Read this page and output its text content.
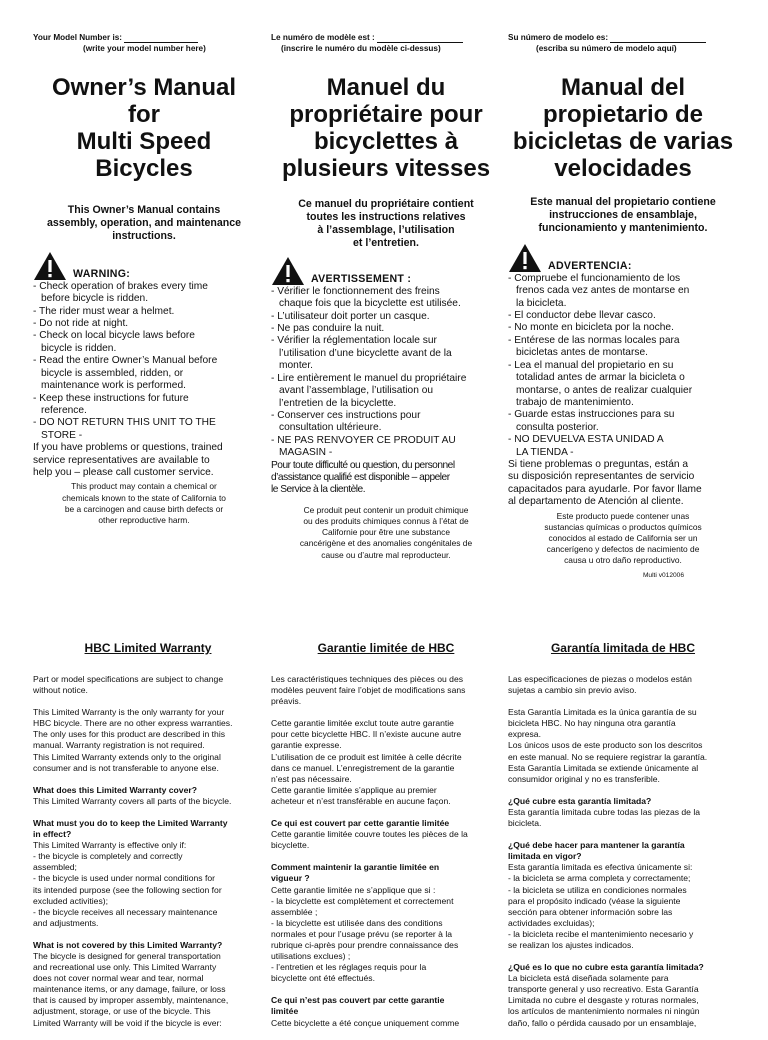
Your Model Number is:
(write your model number here)
Owner’s Manual
for
Multi Speed
Bicycles
This Owner’s Manual contains
assembly, operation, and maintenance
instructions.
WARNING:
- Check operation of brakes every time
before bicycle is ridden.
- The rider must wear a helmet.
- Do not ride at night.
- Check on local bicycle laws before
bicycle is ridden.
- Read the entire Owner’s Manual before
bicycle is assembled, ridden, or
maintenance work is performed.
- Keep these instructions for future
reference.
- DO NOT RETURN THIS UNIT TO THE
STORE -
If you have problems or questions, trained
service representatives are available to
help you – please call customer service.
This product may contain a chemical or
chemicals known to the state of California to
be a carcinogen and cause birth defects or
other reproductive harm.
Le numéro de modèle est :
(inscrire le numéro du modèle ci-dessus)
Manuel du
propriétaire pour
bicyclettes à
plusieurs vitesses
Ce manuel du propriétaire contient
toutes les instructions relatives
à l’assemblage, l’utilisation
et l’entretien.
AVERTISSEMENT :
- Vérifier le fonctionnement des freins
chaque fois que la bicyclette est utilisée.
- L’utilisateur doit porter un casque.
- Ne pas conduire la nuit.
- Vérifier la réglementation locale sur
l’utilisation d’une bicyclette avant de la
monter.
- Lire entièrement le manuel du propriétaire
avant l’assemblage, l’utilisation ou
l’entretien de la bicyclette.
- Conserver ces instructions pour
consultation ultérieure.
- NE PAS RENVOYER CE PRODUIT AU
MAGASIN -
Pour toute difficulté ou question, du personnel
d’assistance qualifié est disponible – appeler
le Service à la clientèle.
Ce produit peut contenir un produit chimique
ou des produits chimiques connus à l’état de
Californie pour être une substance
cancérigène et des anomalies congénitales de
cause ou d’autre mal reproducteur.
Su número de modelo es:
(escriba su número de modelo aquí)
Manual del
propietario de
bicicletas de varias
velocidades
Este manual del propietario contiene
instrucciones de ensamblaje,
funcionamiento y mantenimiento.
ADVERTENCIA:
- Compruebe el funcionamiento de los
frenos cada vez antes de montarse en
la bicicleta.
- El conductor debe llevar casco.
- No monte en bicicleta por la noche.
- Entérese de las normas locales para
bicicletas antes de montarse.
- Lea el manual del propietario en su
totalidad antes de armar la bicicleta o
montarse, o antes de realizar cualquier
trabajo de mantenimiento.
- Guarde estas instrucciones para su
consulta posterior.
- NO DEVUELVA ESTA UNIDAD A
LA TIENDA -
Si tiene problemas o preguntas, están a
su disposición representantes de servicio
capacitados para ayudarle. Por favor llame
al departamento de Atención al cliente.
Este producto puede contener unas
sustancias químicas o productos químicos
conocidos al estado de California ser un
cancerígeno y defectos de nacimiento de
causa u otro daño reproductivo.
Multi v012006
HBC Limited Warranty
Part or model specifications are subject to change
without notice.
This Limited Warranty is the only warranty for your
HBC bicycle. There are no other express warranties.
The only uses for this product are described in this
manual. Warranty registration is not required.
This Limited Warranty extends only to the original
consumer and is not transferable to anyone else.
What does this Limited Warranty cover?
This Limited Warranty covers all parts of the bicycle.
What must you do to keep the Limited Warranty
in effect?
This Limited Warranty is effective only if:
- the bicycle is completely and correctly
assembled;
- the bicycle is used under normal conditions for
its intended purpose (see the following section for
excluded activities);
- the bicycle receives all necessary maintenance
and adjustments.
What is not covered by this Limited Warranty?
The bicycle is designed for general transportation
and recreational use only. This Limited Warranty
does not cover normal wear and tear, normal
maintenance items, or any damage, failure, or loss
that is caused by improper assembly, maintenance,
adjustment, storage, or use of the bicycle. This
Limited Warranty will be void if the bicycle is ever:
Garantie limitée de HBC
Les caractéristiques techniques des pièces ou des
modèles peuvent faire l’objet de modifications sans
préavis.
Cette garantie limitée exclut toute autre garantie
pour cette bicyclette HBC. Il n’existe aucune autre
garantie expresse.
L’utilisation de ce produit est limitée à celle décrite
dans ce manuel. L’enregistrement de la garantie
n’est pas nécessaire.
Cette garantie limitée s’applique au premier
acheteur et n’est transférable en aucune façon.
Ce qui est couvert par cette garantie limitée
Cette garantie limitée couvre toutes les pièces de la
bicyclette.
Comment maintenir la garantie limitée en
vigueur ?
Cette garantie limitée ne s’applique que si :
- la bicyclette est complètement et correctement
assemblée ;
- la bicyclette est utilisée dans des conditions
normales et pour l’usage prévu (se reporter à la
rubrique ci-après pour prendre connaissance des
utilisations exclues) ;
- l’entretien et les réglages requis pour la
bicyclette ont été effectués.
Ce qui n’est pas couvert par cette garantie
limitée
Cette bicyclette a été conçue uniquement comme
Garantía limitada de HBC
Las especificaciones de piezas o modelos están
sujetas a cambio sin previo aviso.
Esta Garantía Limitada es la única garantía de su
bicicleta HBC. No hay ninguna otra garantía
expresa.
Los únicos usos de este producto son los descritos
en este manual. No se requiere registrar la garantía.
Esta Garantía Limitada se extiende únicamente al
consumidor original y no es transferible.
¿Qué cubre esta garantía limitada?
Esta garantía limitada cubre todas las piezas de la
bicicleta.
¿Qué debe hacer para mantener la garantía
limitada en vigor?
Esta garantía limitada es efectiva únicamente si:
- la bicicleta se arma completa y correctamente;
- la bicicleta se utiliza en condiciones normales
para el propósito indicado (véase la siguiente
sección para obtener información sobre las
actividades excluidas);
- la bicicleta recibe el mantenimiento necesario y
se realizan los ajustes indicados.
¿Qué es lo que no cubre esta garantía limitada?
La bicicleta está diseñada solamente para
transporte general y uso recreativo. Esta Garantía
Limitada no cubre el desgaste y roturas normales,
los artículos de mantenimiento normales ni ningún
daño, fallo o pérdida causado por un ensamblaje,
